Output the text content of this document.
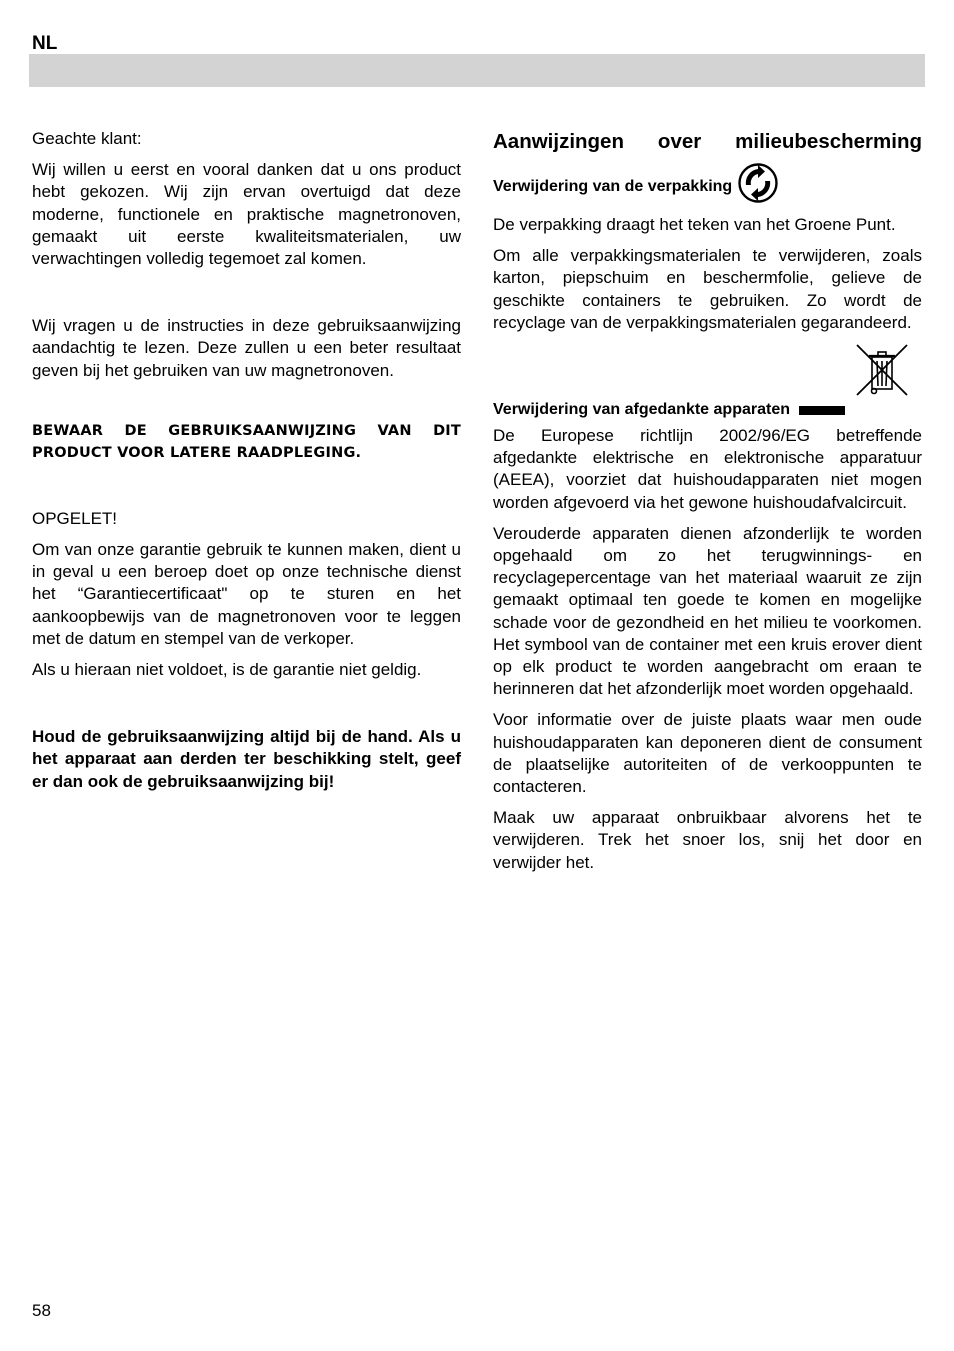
NL

Geachte klant:

Wij willen u eerst en vooral danken dat u ons product hebt gekozen. Wij zijn ervan overtuigd dat deze moderne, functionele en praktische magnetronoven, gemaakt uit eerste kwaliteitsmaterialen, uw verwachtingen volledig tegemoet zal komen.

Wij vragen u de instructies in deze gebruiksaanwijzing aandachtig te lezen. Deze zullen u een beter resultaat geven bij het gebruiken van uw magnetronoven.

BEWAAR DE GEBRUIKSAANWIJZING VAN DIT PRODUCT VOOR LATERE RAADPLEGING.

OPGELET!

Om van onze garantie gebruik te kunnen maken, dient u in geval u een beroep doet op onze technische dienst het “Garantiecertificaat" op te sturen en het aankoopbewijs van de magnetronoven voor te leggen met de datum en stempel van de verkoper.

Als u hieraan niet voldoet, is de garantie niet geldig.

Houd de gebruiksaanwijzing altijd bij de hand. Als u het apparaat aan derden ter beschikking stelt, geef er dan ook de gebruiksaanwijzing bij!

Aanwijzingen over milieubescherming
Verwijdering van de verpakking

De verpakking draagt het teken van het Groene Punt.

Om alle verpakkingsmaterialen te verwijderen, zoals karton, piepschuim en beschermfolie, gelieve de geschikte containers te gebruiken. Zo wordt de recyclage van de verpakkingsmaterialen gegarandeerd.

Verwijdering van afgedankte apparaten

De Europese richtlijn 2002/96/EG betreffende afgedankte elektrische en elektronische apparatuur (AEEA), voorziet dat huishoudapparaten niet mogen worden afgevoerd via het gewone huishoudafvalcircuit.

Verouderde apparaten dienen afzonderlijk te worden opgehaald om zo het terugwinnings- en recyclagepercentage van het materiaal waaruit ze zijn gemaakt optimaal ten goede te komen en mogelijke schade voor de gezondheid en het milieu te voorkomen. Het symbool van de container met een kruis erover dient op elk product te worden aangebracht om eraan te herinneren dat het afzonderlijk moet worden opgehaald.

Voor informatie over de juiste plaats waar men oude huishoudapparaten kan deponeren dient de consument de plaatselijke autoriteiten of de verkooppunten te contacteren.

Maak uw apparaat onbruikbaar alvorens het te verwijderen. Trek het snoer los, snij het door en verwijder het.

58
